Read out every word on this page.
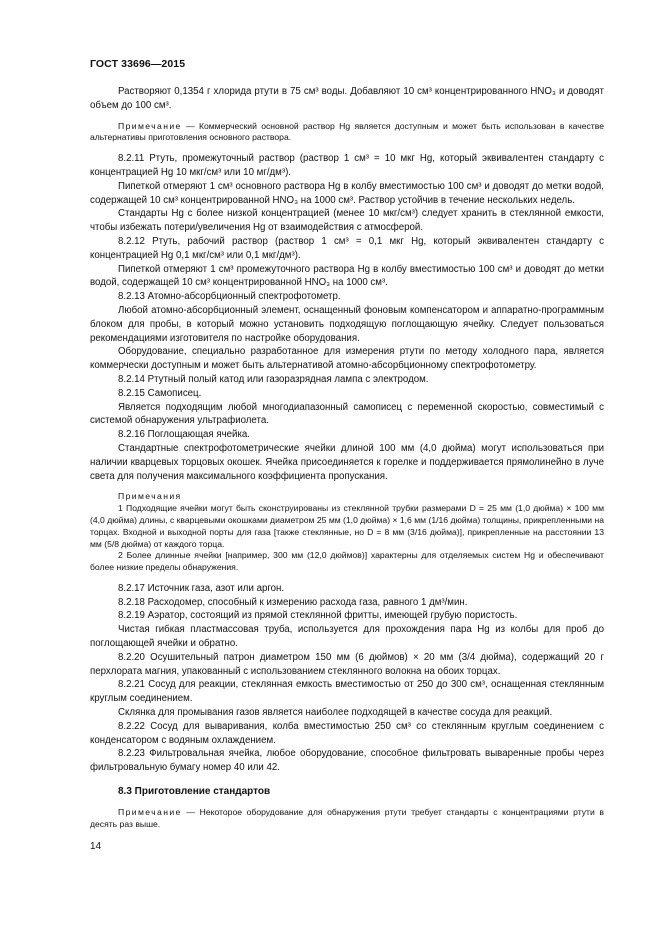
ГОСТ 33696—2015

Растворяют 0,1354 г хлорида ртути в 75 см³ воды. Добавляют 10 см³ концентрированного HNO₃ и доводят объем до 100 см³.

Примечание — Коммерческий основной раствор Hg является доступным и может быть использован в качестве альтернативы приготовления основного раствора.

8.2.11 Ртуть, промежуточный раствор (раствор 1 см³ = 10 мкг Hg, который эквивалентен стандарту с концентрацией Hg 10 мкг/см³ или 10 мг/дм³).

Пипеткой отмеряют 1 см³ основного раствора Hg в колбу вместимостью 100 см³ и доводят до метки водой, содержащей 10 см³ концентрированной HNO₃ на 1000 см³. Раствор устойчив в течение нескольких недель.

Стандарты Hg с более низкой концентрацией (менее 10 мкг/см³) следует хранить в стеклянной емкости, чтобы избежать потери/увеличения Hg от взаимодействия с атмосферой.

8.2.12 Ртуть, рабочий раствор (раствор 1 см³ = 0,1 мкг Hg, который эквивалентен стандарту с концентрацией Hg 0,1 мкг/см³ или 0,1 мкг/дм³).

Пипеткой отмеряют 1 см³ промежуточного раствора Hg в колбу вместимостью 100 см³ и доводят до метки водой, содержащей 10 см³ концентрированной HNO₃ на 1000 см³.

8.2.13 Атомно-абсорбционный спектрофотометр.

Любой атомно-абсорбционный элемент, оснащенный фоновым компенсатором и аппаратно-программным блоком для пробы, в который можно установить подходящую поглощающую ячейку. Следует пользоваться рекомендациями изготовителя по настройке оборудования.

Оборудование, специально разработанное для измерения ртути по методу холодного пара, является коммерчески доступным и может быть альтернативой атомно-абсорбционному спектрофотометру.

8.2.14 Ртутный полый катод или газоразрядная лампа с электродом.

8.2.15 Самописец.

Является подходящим любой многодиапазонный самописец с переменной скоростью, совместимый с системой обнаружения ультрафиолета.

8.2.16 Поглощающая ячейка.

Стандартные спектрофотометрические ячейки длиной 100 мм (4,0 дюйма) могут использоваться при наличии кварцевых торцовых окошек. Ячейка присоединяется к горелке и поддерживается прямолинейно в луче света для получения максимального коэффициента пропускания.

Примечания

1 Подходящие ячейки могут быть сконструированы из стеклянной трубки размерами D = 25 мм (1,0 дюйма) × 100 мм (4,0 дюйма) длины, с кварцевыми окошками диаметром 25 мм (1,0 дюйма) × 1,6 мм (1/16 дюйма) толщины, прикрепленными на торцах. Входной и выходной порты для газа [также стеклянные, но D = 8 мм (3/16 дюйма)], прикрепленные на расстоянии 13 мм (5/8 дюйма) от каждого торца.

2 Более длинные ячейки [например, 300 мм (12,0 дюймов)] характерны для отделяемых систем Hg и обеспечивают более низкие пределы обнаружения.

8.2.17 Источник газа, азот или аргон.

8.2.18 Расходомер, способный к измерению расхода газа, равного 1 дм³/мин.

8.2.19 Аэратор, состоящий из прямой стеклянной фритты, имеющей грубую пористость.

Чистая гибкая пластмассовая труба, используется для прохождения пара Hg из колбы для проб до поглощающей ячейки и обратно.

8.2.20 Осушительный патрон диаметром 150 мм (6 дюймов) × 20 мм (3/4 дюйма), содержащий 20 г перхлората магния, упакованный с использованием стеклянного волокна на обоих торцах.

8.2.21 Сосуд для реакции, стеклянная емкость вместимостью от 250 до 300 см³, оснащенная стеклянным круглым соединением.

Склянка для промывания газов является наиболее подходящей в качестве сосуда для реакций.

8.2.22 Сосуд для вываривания, колба вместимостью 250 см³ со стеклянным круглым соединением с конденсатором с водяным охлаждением.

8.2.23 Фильтровальная ячейка, любое оборудование, способное фильтровать вываренные пробы через фильтровальную бумагу номер 40 или 42.

8.3 Приготовление стандартов

Примечание — Некоторое оборудование для обнаружения ртути требует стандарты с концентрациями ртути в десять раз выше.

14
